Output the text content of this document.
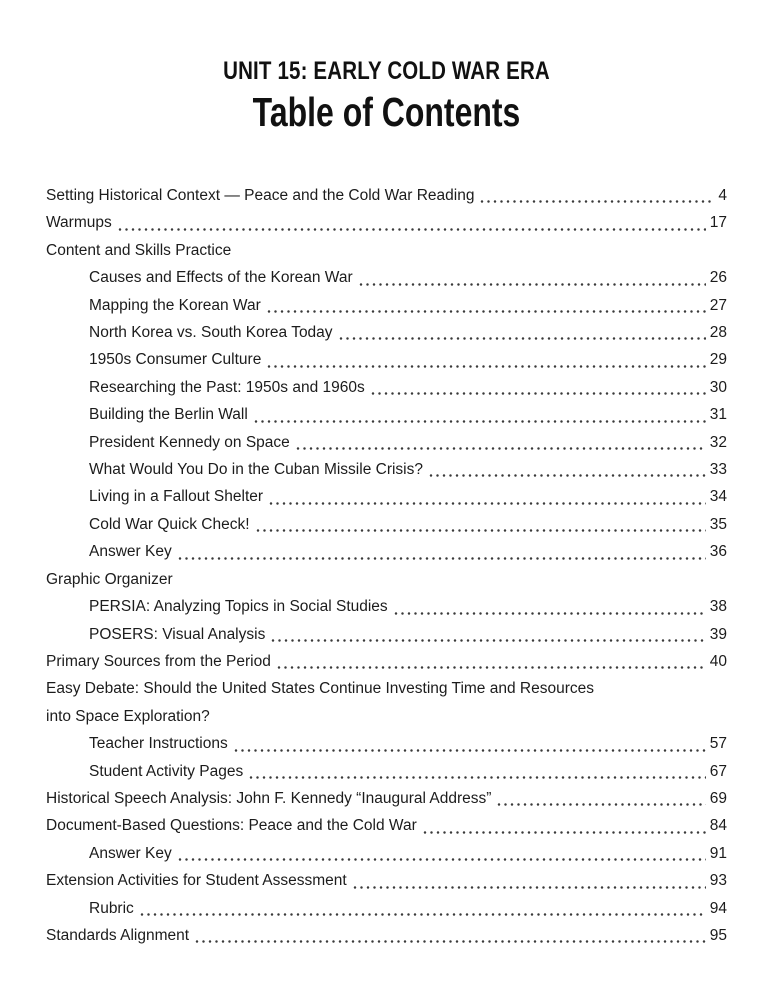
UNIT 15: EARLY COLD WAR ERA
Table of Contents
Setting Historical Context — Peace and the Cold War Reading	4
Warmups	17
Content and Skills Practice
Causes and Effects of the Korean War	26
Mapping the Korean War	27
North Korea vs. South Korea Today	28
1950s Consumer Culture	29
Researching the Past: 1950s and 1960s	30
Building the Berlin Wall	31
President Kennedy on Space	32
What Would You Do in the Cuban Missile Crisis?	33
Living in a Fallout Shelter	34
Cold War Quick Check!	35
Answer Key	36
Graphic Organizer
PERSIA: Analyzing Topics in Social Studies	38
POSERS: Visual Analysis	39
Primary Sources from the Period	40
Easy Debate: Should the United States Continue Investing Time and Resources
into Space Exploration?
Teacher Instructions	57
Student Activity Pages	67
Historical Speech Analysis: John F. Kennedy “Inaugural Address”	69
Document-Based Questions: Peace and the Cold War	84
Answer Key	91
Extension Activities for Student Assessment	93
Rubric	94
Standards Alignment	95
